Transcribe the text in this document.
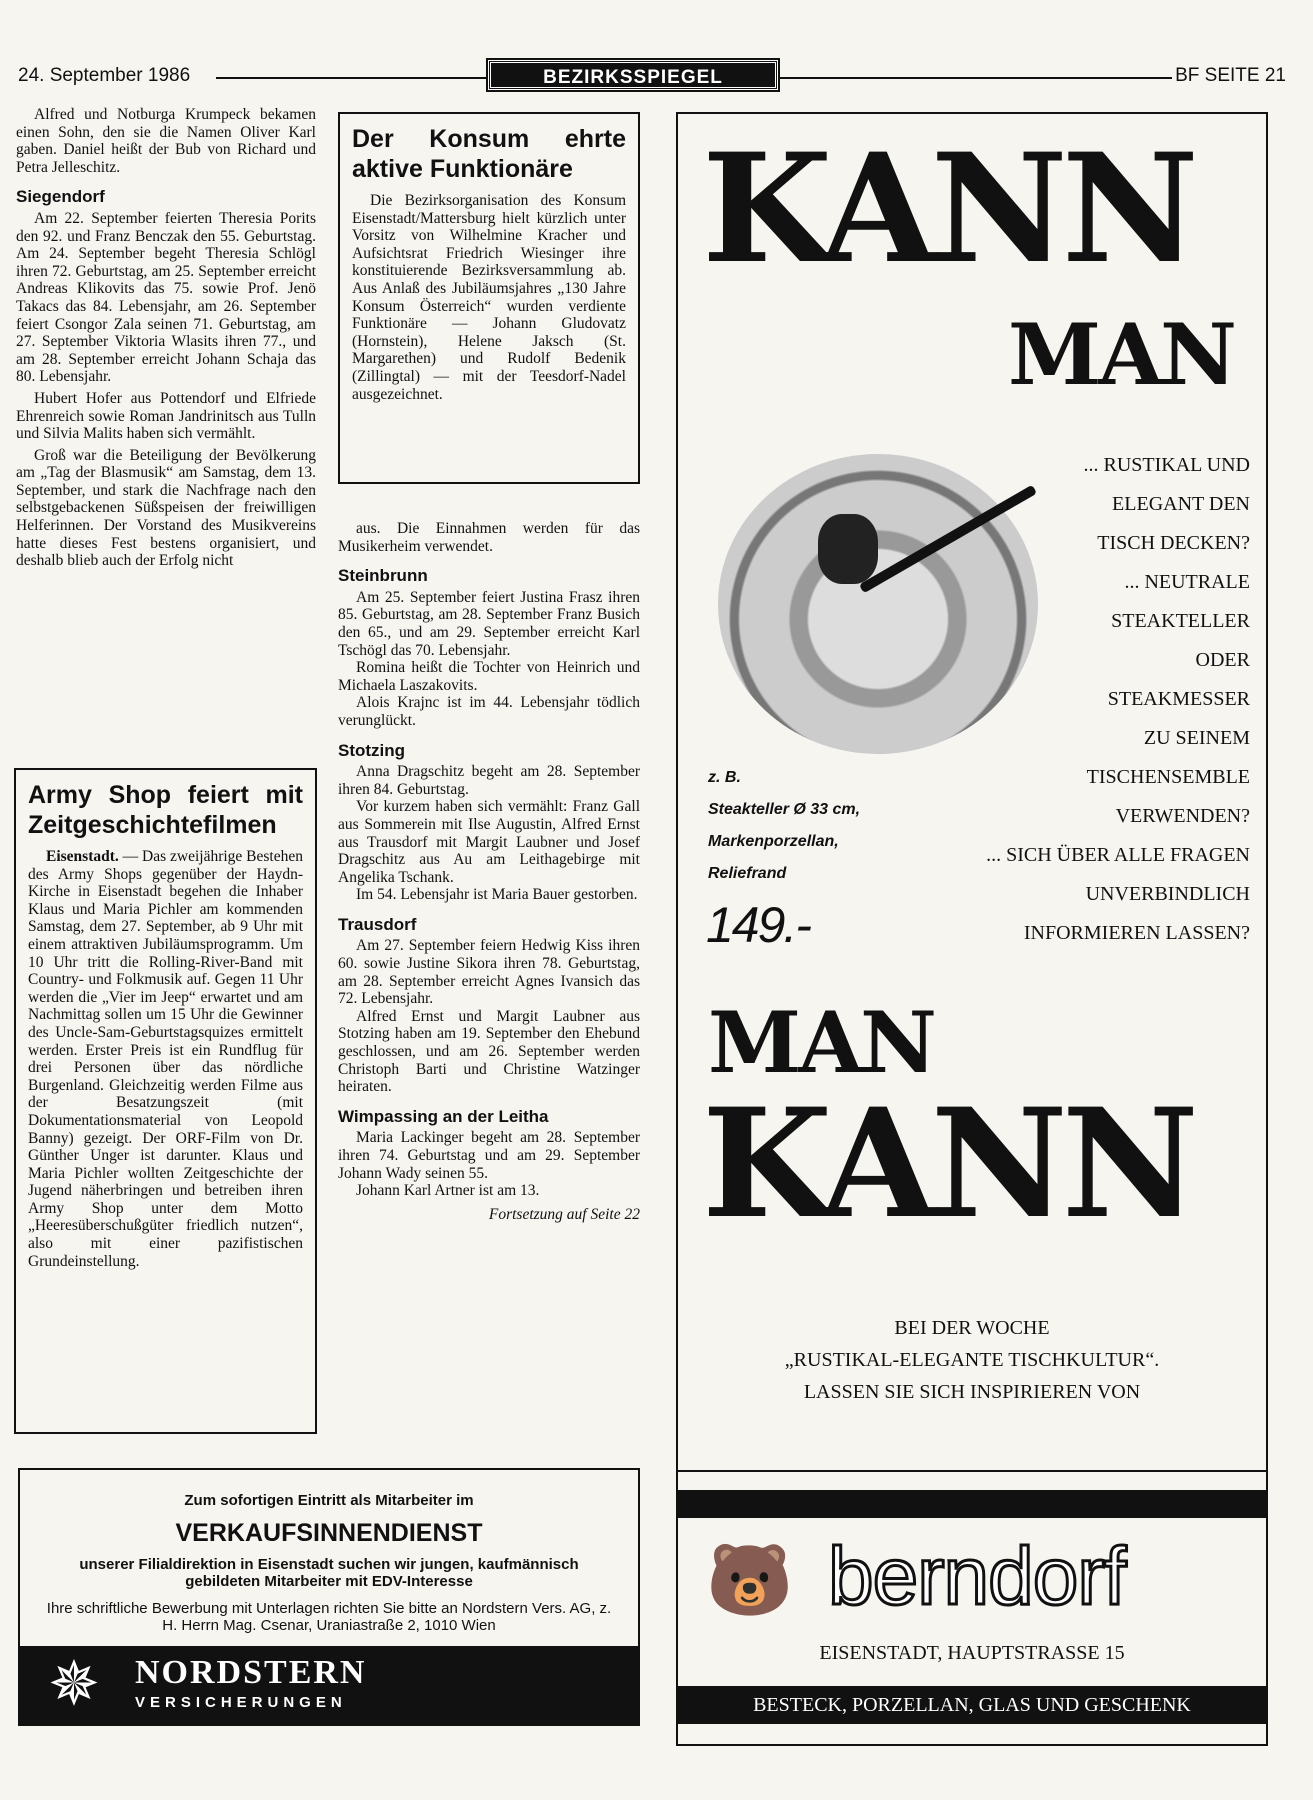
24. September 1986	BEZIRKSSPIEGEL	BF SEITE 21

Alfred und Notburga Krumpeck bekamen einen Sohn, den sie die Namen Oliver Karl gaben. Daniel heißt der Bub von Richard und Petra Jelleschitz.

Siegendorf

Am 22. September feierten Theresia Porits den 92. und Franz Benczak den 55. Geburtstag. Am 24. September begeht Theresia Schlögl ihren 72. Geburtstag, am 25. September erreicht Andreas Klikovits das 75. sowie Prof. Jenö Takacs das 84. Lebensjahr, am 26. September feiert Csongor Zala seinen 71. Geburtstag, am 27. September Viktoria Wlasits ihren 77., und am 28. September erreicht Johann Schaja das 80. Lebensjahr.

Hubert Hofer aus Pottendorf und Elfriede Ehrenreich sowie Roman Jandrinitsch aus Tulln und Silvia Malits haben sich vermählt.

Groß war die Beteiligung der Bevölkerung am „Tag der Blasmusik“ am Samstag, dem 13. September, und stark die Nachfrage nach den selbstgebackenen Süßspeisen der freiwilligen Helferinnen. Der Vorstand des Musikvereins hatte dieses Fest bestens organisiert, und deshalb blieb auch der Erfolg nicht

Army Shop feiert mit Zeitgeschichtefilmen

Eisenstadt. — Das zweijährige Bestehen des Army Shops gegenüber der Haydn-Kirche in Eisenstadt begehen die Inhaber Klaus und Maria Pichler am kommenden Samstag, dem 27. September, ab 9 Uhr mit einem attraktiven Jubiläumsprogramm. Um 10 Uhr tritt die Rolling-River-Band mit Country- und Folkmusik auf. Gegen 11 Uhr werden die „Vier im Jeep“ erwartet und am Nachmittag sollen um 15 Uhr die Gewinner des Uncle-Sam-Geburtstagsquizes ermittelt werden. Erster Preis ist ein Rundflug für drei Personen über das nördliche Burgenland. Gleichzeitig werden Filme aus der Besatzungszeit (mit Dokumentationsmaterial von Leopold Banny) gezeigt. Der ORF-Film von Dr. Günther Unger ist darunter. Klaus und Maria Pichler wollten Zeitgeschichte der Jugend näherbringen und betreiben ihren Army Shop unter dem Motto „Heeresüberschußgüter friedlich nutzen“, also mit einer pazifistischen Grundeinstellung.

Der Konsum ehrte aktive Funktionäre

Die Bezirksorganisation des Konsum Eisenstadt/Mattersburg hielt kürzlich unter Vorsitz von Wilhelmine Kracher und Aufsichtsrat Friedrich Wiesinger ihre konstituierende Bezirksversammlung ab. Aus Anlaß des Jubiläumsjahres „130 Jahre Konsum Österreich“ wurden verdiente Funktionäre — Johann Gludovatz (Hornstein), Helene Jaksch (St. Margarethen) und Rudolf Bedenik (Zillingtal) — mit der Teesdorf-Nadel ausgezeichnet.

aus. Die Einnahmen werden für das Musikerheim verwendet.

Steinbrunn

Am 25. September feiert Justina Frasz ihren 85. Geburtstag, am 28. September Franz Busich den 65., und am 29. September erreicht Karl Tschögl das 70. Lebensjahr.

Romina heißt die Tochter von Heinrich und Michaela Laszakovits.

Alois Krajnc ist im 44. Lebensjahr tödlich verunglückt.

Stotzing

Anna Dragschitz begeht am 28. September ihren 84. Geburtstag.

Vor kurzem haben sich vermählt: Franz Gall aus Sommerein mit Ilse Augustin, Alfred Ernst aus Trausdorf mit Margit Laubner und Josef Dragschitz aus Au am Leithagebirge mit Angelika Tschank.

Im 54. Lebensjahr ist Maria Bauer gestorben.

Trausdorf

Am 27. September feiern Hedwig Kiss ihren 60. sowie Justine Sikora ihren 78. Geburtstag, am 28. September erreicht Agnes Ivansich das 72. Lebensjahr.

Alfred Ernst und Margit Laubner aus Stotzing haben am 19. September den Ehebund geschlossen, und am 26. September werden Christoph Barti und Christine Watzinger heiraten.

Wimpassing an der Leitha

Maria Lackinger begeht am 28. September ihren 74. Geburtstag und am 29. September Johann Wady seinen 55.

Johann Karl Artner ist am 13.

Fortsetzung auf Seite 22

Zum sofortigen Eintritt als Mitarbeiter im
VERKAUFSINNENDIENST
unserer Filialdirektion in Eisenstadt suchen wir jungen, kaufmännisch gebildeten Mitarbeiter mit EDV-Interesse
Ihre schriftliche Bewerbung mit Unterlagen richten Sie bitte an Nordstern Vers. AG, z. H. Herrn Mag. Csenar, Uraniastraße 2, 1010 Wien
✵ NORDSTERN
VERSICHERUNGEN
KANN
MAN
... RUSTIKAL UND
ELEGANT DEN
TISCH DECKEN?
... NEUTRALE
STEAKTELLER
ODER
STEAKMESSER
ZU SEINEM
TISCHENSEMBLE
VERWENDEN?
... SICH ÜBER ALLE FRAGEN
UNVERBINDLICH
INFORMIEREN LASSEN?
z. B.
Steakteller Ø 33 cm,
Markenporzellan,
Reliefrand
149.-
MAN
KANN
BEI DER WOCHE
„RUSTIKAL-ELEGANTE TISCHKULTUR“.
LASSEN SIE SICH INSPIRIEREN VON
🐻 berndorf
EISENSTADT, HAUPTSTRASSE 15
BESTECK, PORZELLAN, GLAS UND GESCHENK
